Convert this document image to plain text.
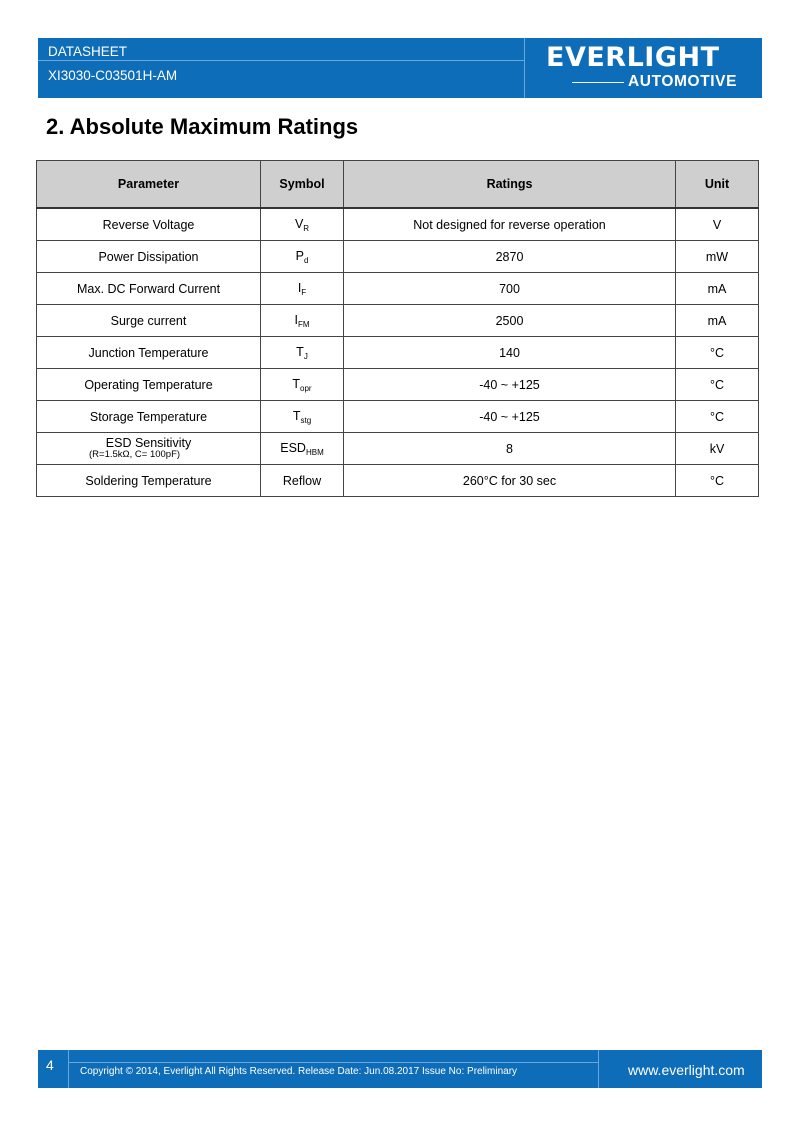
DATASHEET
XI3030-C03501H-AM
EVERLIGHT
AUTOMOTIVE
2. Absolute Maximum Ratings
Parameter	Symbol	Ratings	Unit
Reverse Voltage	$V_R$	Not designed for reverse operation	V
Power Dissipation	$P_d$	2870	mW
Max. DC Forward Current	$I_F$	700	mA
Surge current	$I_{FM}$	2500	mA
Junction Temperature	$T_J$	140	°C
Operating Temperature	$T_{opr}$	-40 ~ +125	°C
Storage Temperature	$T_{stg}$	-40 ~ +125	°C

ESD Sensitivity
(R=1.5kΩ, C= 100pF)	$ESD_{HBM}$	8	kV
Soldering Temperature	Reflow	260°C for 30 sec	°C
4	Copyright © 2014, Everlight All Rights Reserved. Release Date: Jun.08.2017 Issue No: Preliminary	www.everlight.com
